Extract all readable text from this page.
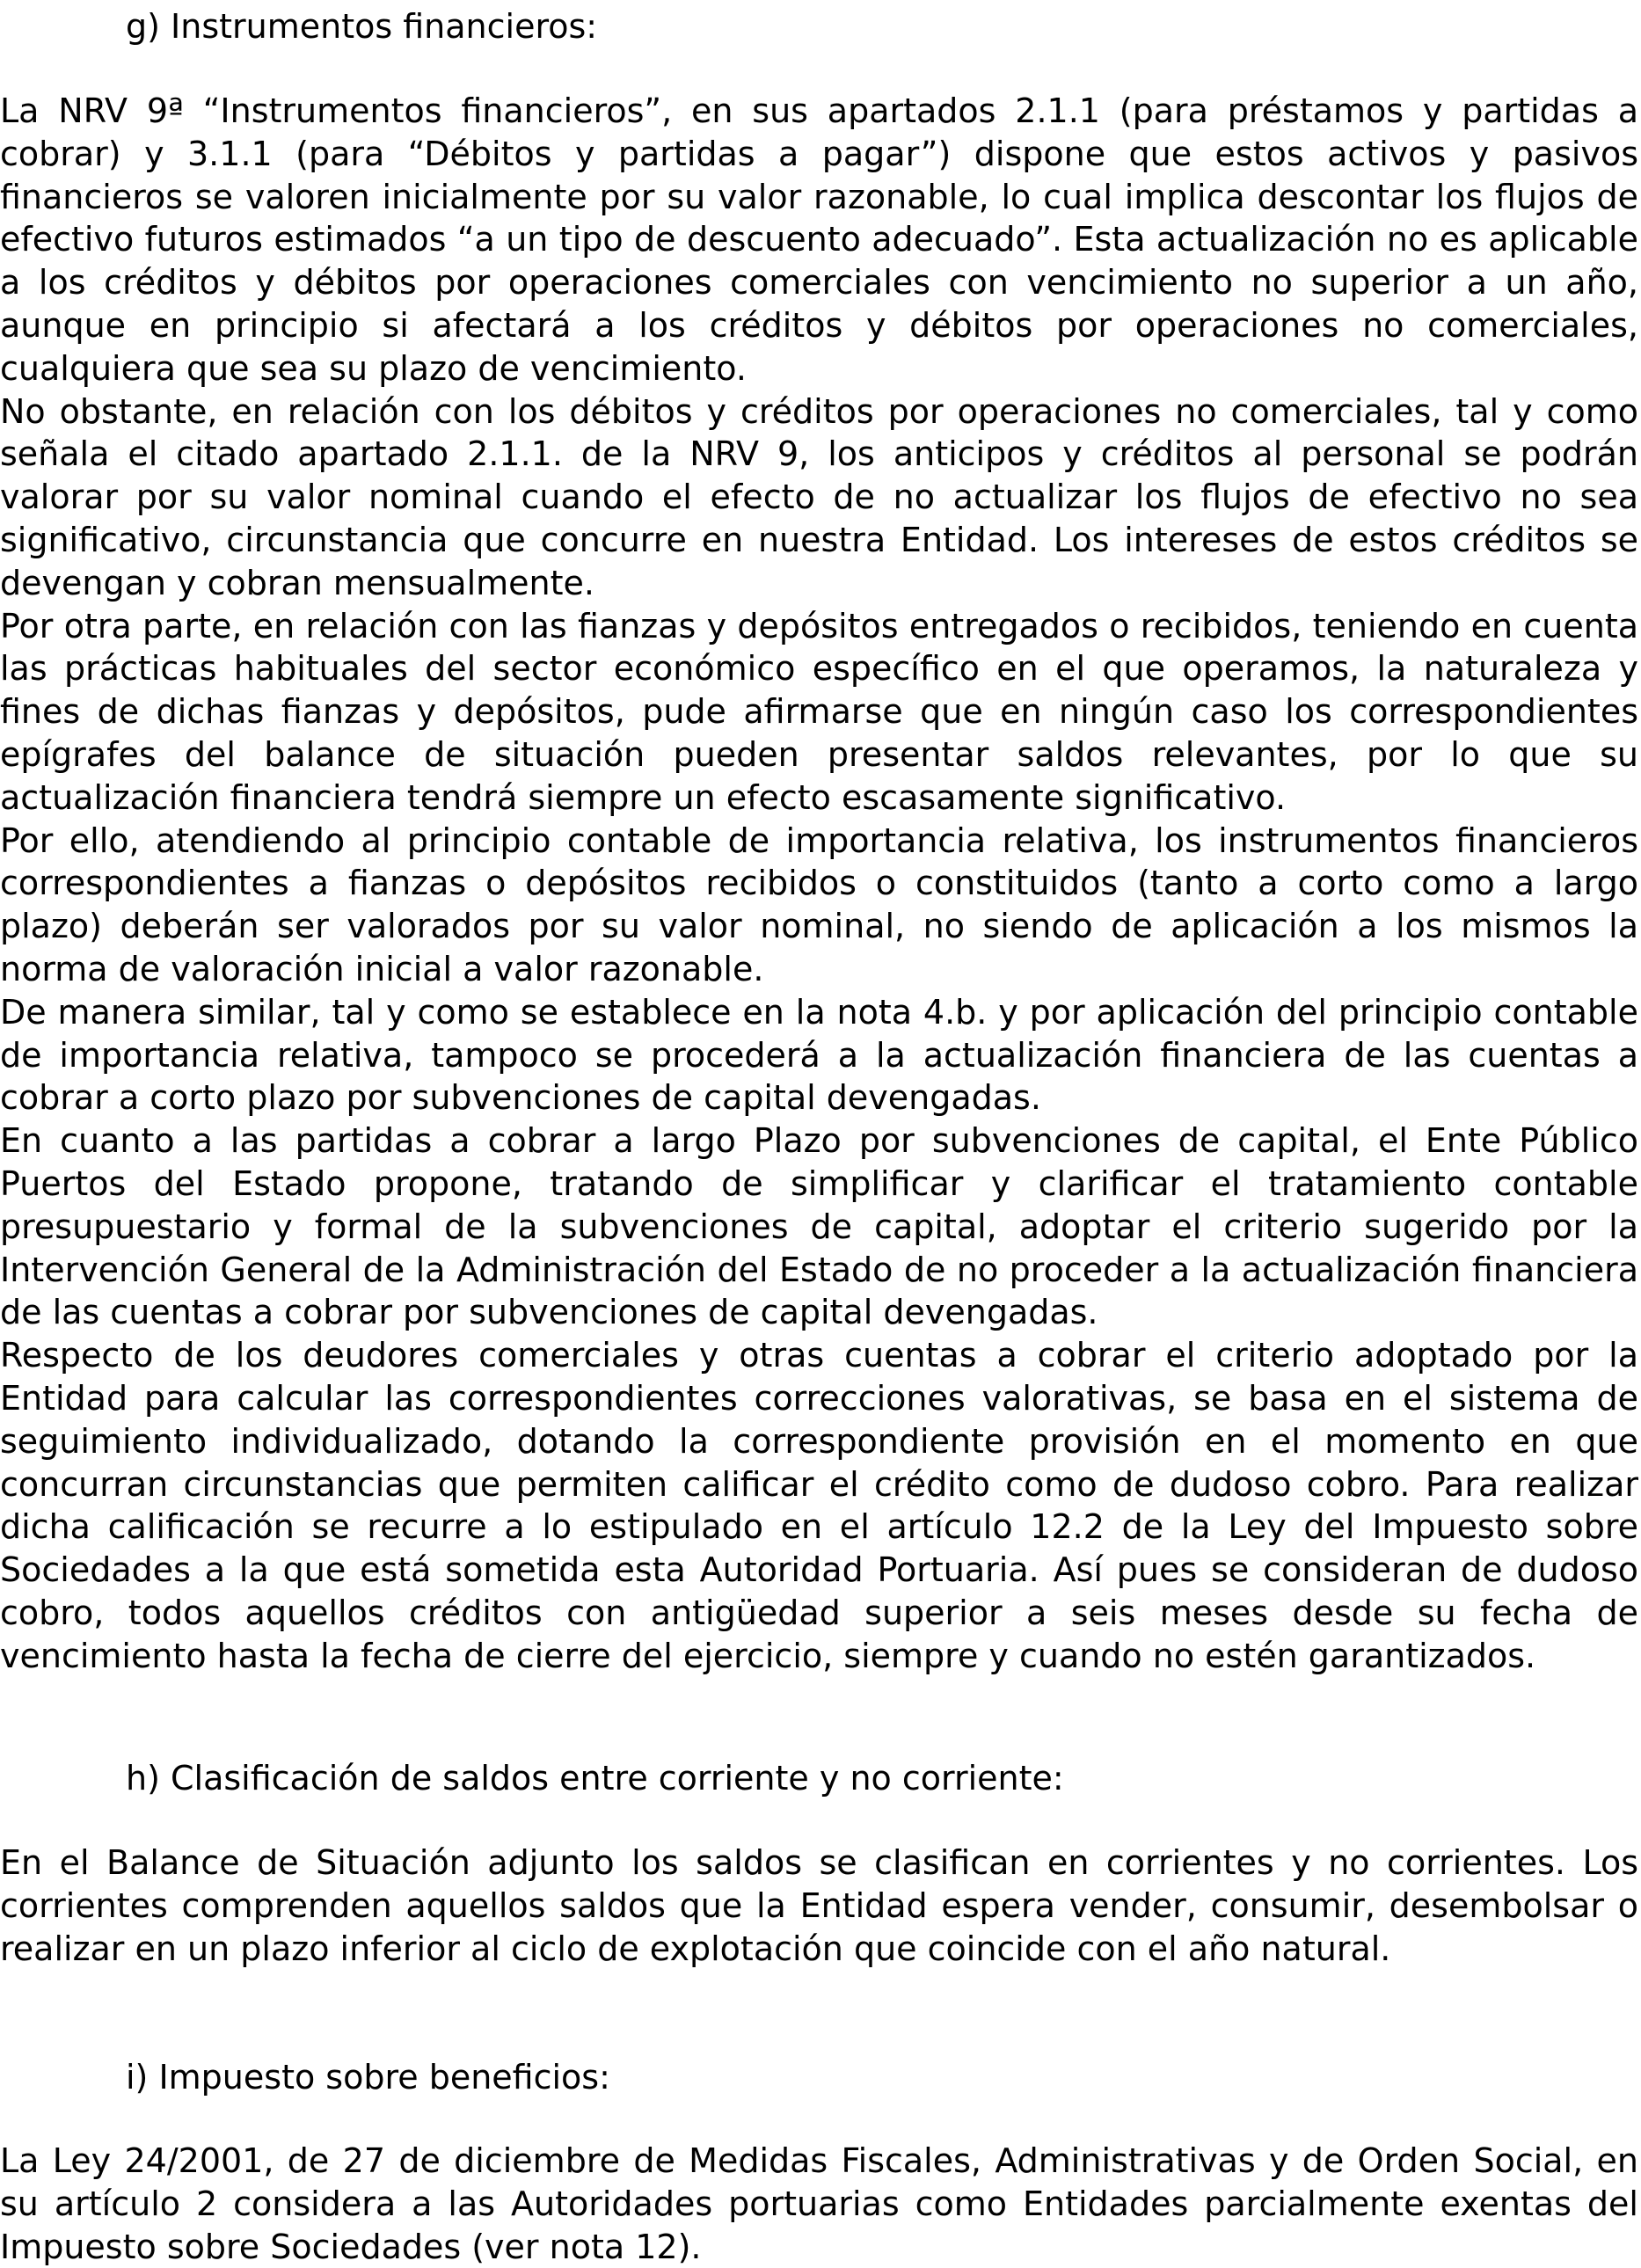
g) Instrumentos financieros:

La NRV 9ª “Instrumentos financieros”, en sus apartados 2.1.1 (para préstamos y partidas a cobrar) y 3.1.1 (para “Débitos y partidas a pagar”) dispone que estos activos y pasivos financieros se valoren inicialmente por su valor razonable, lo cual implica descontar los flujos de efectivo futuros estimados “a un tipo de descuento adecuado”. Esta actualización no es aplicable a los créditos y débitos por operaciones comerciales con vencimiento no superior a un año, aunque en principio si afectará a los créditos y débitos por operaciones no comerciales, cualquiera que sea su plazo de vencimiento.

No obstante, en relación con los débitos y créditos por operaciones no comerciales, tal y como señala el citado apartado 2.1.1. de la NRV 9, los anticipos y créditos al personal se podrán valorar por su valor nominal cuando el efecto de no actualizar los flujos de efectivo no sea significativo, circunstancia que concurre en nuestra Entidad. Los intereses de estos créditos se devengan y cobran mensualmente.

Por otra parte, en relación con las fianzas y depósitos entregados o recibidos, teniendo en cuenta las prácticas habituales del sector económico específico en el que operamos, la naturaleza y fines de dichas fianzas y depósitos, pude afirmarse que en ningún caso los correspondientes epígrafes del balance de situación pueden presentar saldos relevantes, por lo que su actualización financiera tendrá siempre un efecto escasamente significativo.

Por ello, atendiendo al principio contable de importancia relativa, los instrumentos financieros correspondientes a fianzas o depósitos recibidos o constituidos (tanto a corto como a largo plazo) deberán ser valorados por su valor nominal, no siendo de aplicación a los mismos la norma de valoración inicial a valor razonable.

De manera similar, tal y como se establece en la nota 4.b. y por aplicación del principio contable de importancia relativa, tampoco se procederá a la actualización financiera de las cuentas a cobrar a corto plazo por subvenciones de capital devengadas.

En cuanto a las partidas a cobrar a largo Plazo por subvenciones de capital, el Ente Público Puertos del Estado propone, tratando de simplificar y clarificar el tratamiento contable presupuestario y formal de la subvenciones de capital, adoptar el criterio sugerido por la Intervención General de la Administración del Estado de no proceder a la actualización financiera de las cuentas a cobrar por subvenciones de capital devengadas.

Respecto de los deudores comerciales y otras cuentas a cobrar el criterio adoptado por la Entidad para calcular las correspondientes correcciones valorativas, se basa en el sistema de seguimiento individualizado, dotando la correspondiente provisión en el momento en que concurran circunstancias que permiten calificar el crédito como de dudoso cobro. Para realizar dicha calificación se recurre a lo estipulado en el artículo 12.2 de la Ley del Impuesto sobre Sociedades a la que está sometida esta Autoridad Portuaria. Así pues se consideran de dudoso cobro, todos aquellos créditos con antigüedad superior a seis meses desde su fecha de vencimiento hasta la fecha de cierre del ejercicio, siempre y cuando no estén garantizados.

h) Clasificación de saldos entre corriente y no corriente:

En el Balance de Situación adjunto los saldos se clasifican en corrientes y no corrientes. Los corrientes comprenden aquellos saldos que la Entidad espera vender, consumir, desembolsar o realizar en un plazo inferior al ciclo de explotación que coincide con el año natural.

i) Impuesto sobre beneficios:

La Ley 24/2001, de 27 de diciembre de Medidas Fiscales, Administrativas y de Orden Social, en su artículo 2 considera a las Autoridades portuarias como Entidades parcialmente exentas del Impuesto sobre Sociedades (ver nota 12).
